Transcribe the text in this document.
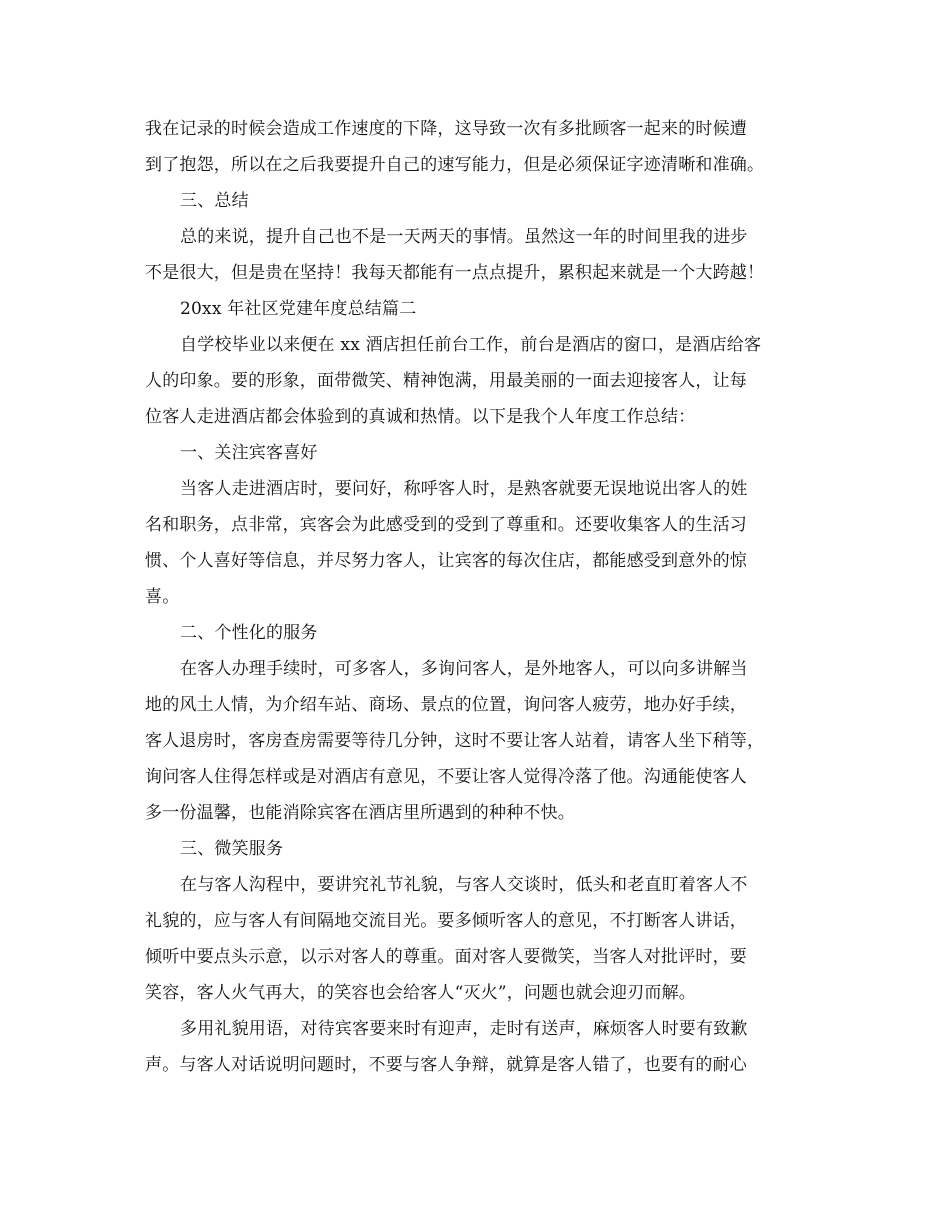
我在记录的时候会造成工作速度的下降，这导致一次有多批顾客一起来的时候遭
到了抱怨，所以在之后我要提升自己的速写能力，但是必须保证字迹清晰和准确。
三、总结
总的来说，提升自己也不是一天两天的事情。虽然这一年的时间里我的进步
不是很大，但是贵在坚持！我每天都能有一点点提升，累积起来就是一个大跨越！
20xx 年社区党建年度总结篇二
自学校毕业以来便在 xx 酒店担任前台工作，前台是酒店的窗口，是酒店给客
人的印象。要的形象，面带微笑、精神饱满，用最美丽的一面去迎接客人，让每
位客人走进酒店都会体验到的真诚和热情。以下是我个人年度工作总结：
一、关注宾客喜好
当客人走进酒店时，要问好，称呼客人时，是熟客就要无误地说出客人的姓
名和职务，点非常，宾客会为此感受到的受到了尊重和。还要收集客人的生活习
惯、个人喜好等信息，并尽努力客人，让宾客的每次住店，都能感受到意外的惊
喜。
二、个性化的服务
在客人办理手续时，可多客人，多询问客人，是外地客人，可以向多讲解当
地的风土人情，为介绍车站、商场、景点的位置，询问客人疲劳，地办好手续，
客人退房时，客房查房需要等待几分钟，这时不要让客人站着，请客人坐下稍等，
询问客人住得怎样或是对酒店有意见，不要让客人觉得冷落了他。沟通能使客人
多一份温馨，也能消除宾客在酒店里所遇到的种种不快。
三、微笑服务
在与客人沟程中，要讲究礼节礼貌，与客人交谈时，低头和老直盯着客人不
礼貌的，应与客人有间隔地交流目光。要多倾听客人的意见，不打断客人讲话，
倾听中要点头示意，以示对客人的尊重。面对客人要微笑，当客人对批评时，要
笑容，客人火气再大，的笑容也会给客人“灭火”，问题也就会迎刃而解。
多用礼貌用语，对待宾客要来时有迎声，走时有送声，麻烦客人时要有致歉
声。与客人对话说明问题时，不要与客人争辩，就算是客人错了，也要有的耐心
